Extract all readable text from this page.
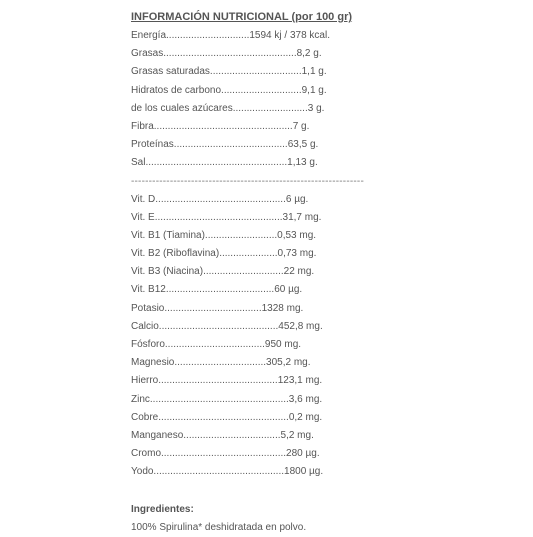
INFORMACIÓN NUTRICIONAL (por 100 gr)
Energía..............................1594 kj / 378 kcal.
Grasas................................................8,2 g.
Grasas saturadas.................................1,1 g.
Hidratos de carbono.............................9,1 g.
de los cuales azúcares...........................3 g.
Fibra..................................................7 g.
Proteínas.........................................63,5 g.
Sal...................................................1,13 g.
------------------------------------------------------------------
Vit. D...............................................6 µg.
Vit. E..............................................31,7 mg.
Vit. B1 (Tiamina)..........................0,53 mg.
Vit. B2 (Riboflavina).....................0,73 mg.
Vit. B3 (Niacina).............................22 mg.
Vit. B12.......................................60 µg.
Potasio...................................1328 mg.
Calcio...........................................452,8 mg.
Fósforo....................................950 mg.
Magnesio.................................305,2 mg.
Hierro...........................................123,1 mg.
Zinc..................................................3,6 mg.
Cobre...............................................0,2 mg.
Manganeso...................................5,2 mg.
Cromo.............................................280 µg.
Yodo...............................................1800 µg.
Ingredientes:
100% Spirulina* deshidratada en polvo.
